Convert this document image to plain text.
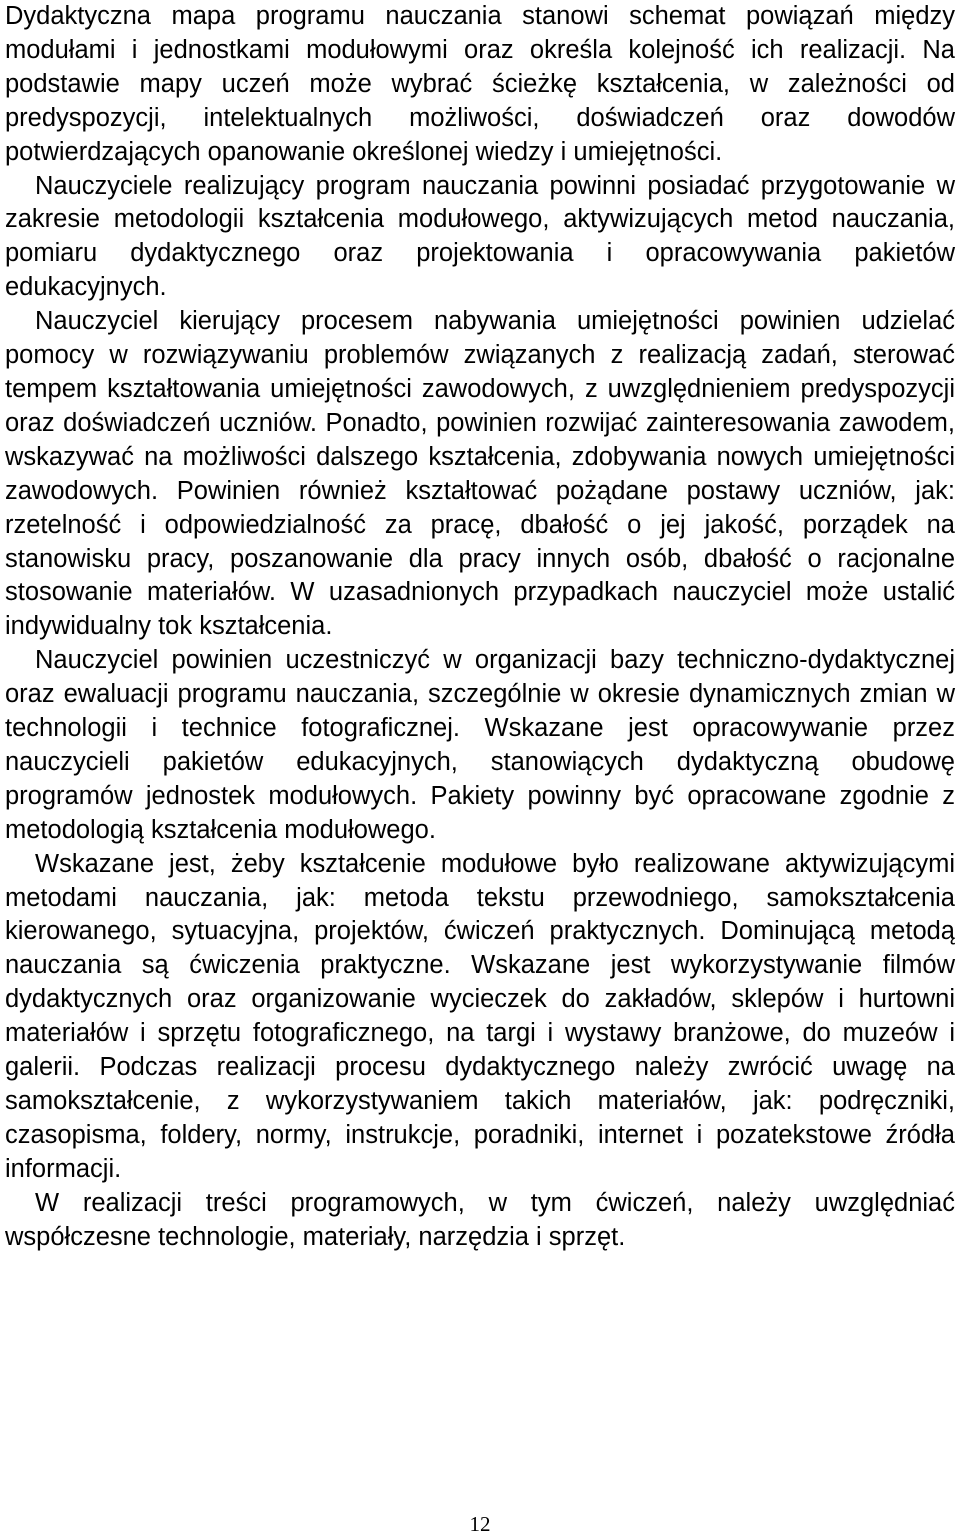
Dydaktyczna mapa programu nauczania stanowi schemat powiązań między modułami i jednostkami modułowymi oraz określa kolejność ich realizacji. Na podstawie mapy uczeń może wybrać ścieżkę kształcenia, w zależności od predyspozycji, intelektualnych możliwości, doświadczeń oraz dowodów potwierdzających opanowanie określonej wiedzy i umiejętności.

Nauczyciele realizujący program nauczania powinni posiadać przygotowanie w zakresie metodologii kształcenia modułowego, aktywizujących metod nauczania, pomiaru dydaktycznego oraz projektowania i opracowywania pakietów edukacyjnych.

Nauczyciel kierujący procesem nabywania umiejętności powinien udzielać pomocy w rozwiązywaniu problemów związanych z realizacją zadań, sterować tempem kształtowania umiejętności zawodowych, z uwzględnieniem predyspozycji oraz doświadczeń uczniów. Ponadto, powinien rozwijać zainteresowania zawodem, wskazywać na możliwości dalszego kształcenia, zdobywania nowych umiejętności zawodowych. Powinien również kształtować pożądane postawy uczniów, jak: rzetelność i odpowiedzialność za pracę, dbałość o jej jakość, porządek na stanowisku pracy, poszanowanie dla pracy innych osób, dbałość o racjonalne stosowanie materiałów. W uzasadnionych przypadkach nauczyciel może ustalić indywidualny tok kształcenia.

Nauczyciel powinien uczestniczyć w organizacji bazy techniczno-dydaktycznej oraz ewaluacji programu nauczania, szczególnie w okresie dynamicznych zmian w technologii i technice fotograficznej. Wskazane jest opracowywanie przez nauczycieli pakietów edukacyjnych, stanowiących dydaktyczną obudowę programów jednostek modułowych. Pakiety powinny być opracowane zgodnie z metodologią kształcenia modułowego.

Wskazane jest, żeby kształcenie modułowe było realizowane aktywizującymi metodami nauczania, jak: metoda tekstu przewodniego, samokształcenia kierowanego, sytuacyjna, projektów, ćwiczeń praktycznych. Dominującą metodą nauczania są ćwiczenia praktyczne. Wskazane jest wykorzystywanie filmów dydaktycznych oraz organizowanie wycieczek do zakładów, sklepów i hurtowni materiałów i sprzętu fotograficznego, na targi i wystawy branżowe, do muzeów i galerii. Podczas realizacji procesu dydaktycznego należy zwrócić uwagę na samokształcenie, z wykorzystywaniem takich materiałów, jak: podręczniki, czasopisma, foldery, normy, instrukcje, poradniki, internet i pozatekstowe źródła informacji.

W realizacji treści programowych, w tym ćwiczeń, należy uwzględniać współczesne technologie, materiały, narzędzia i sprzęt.

12
